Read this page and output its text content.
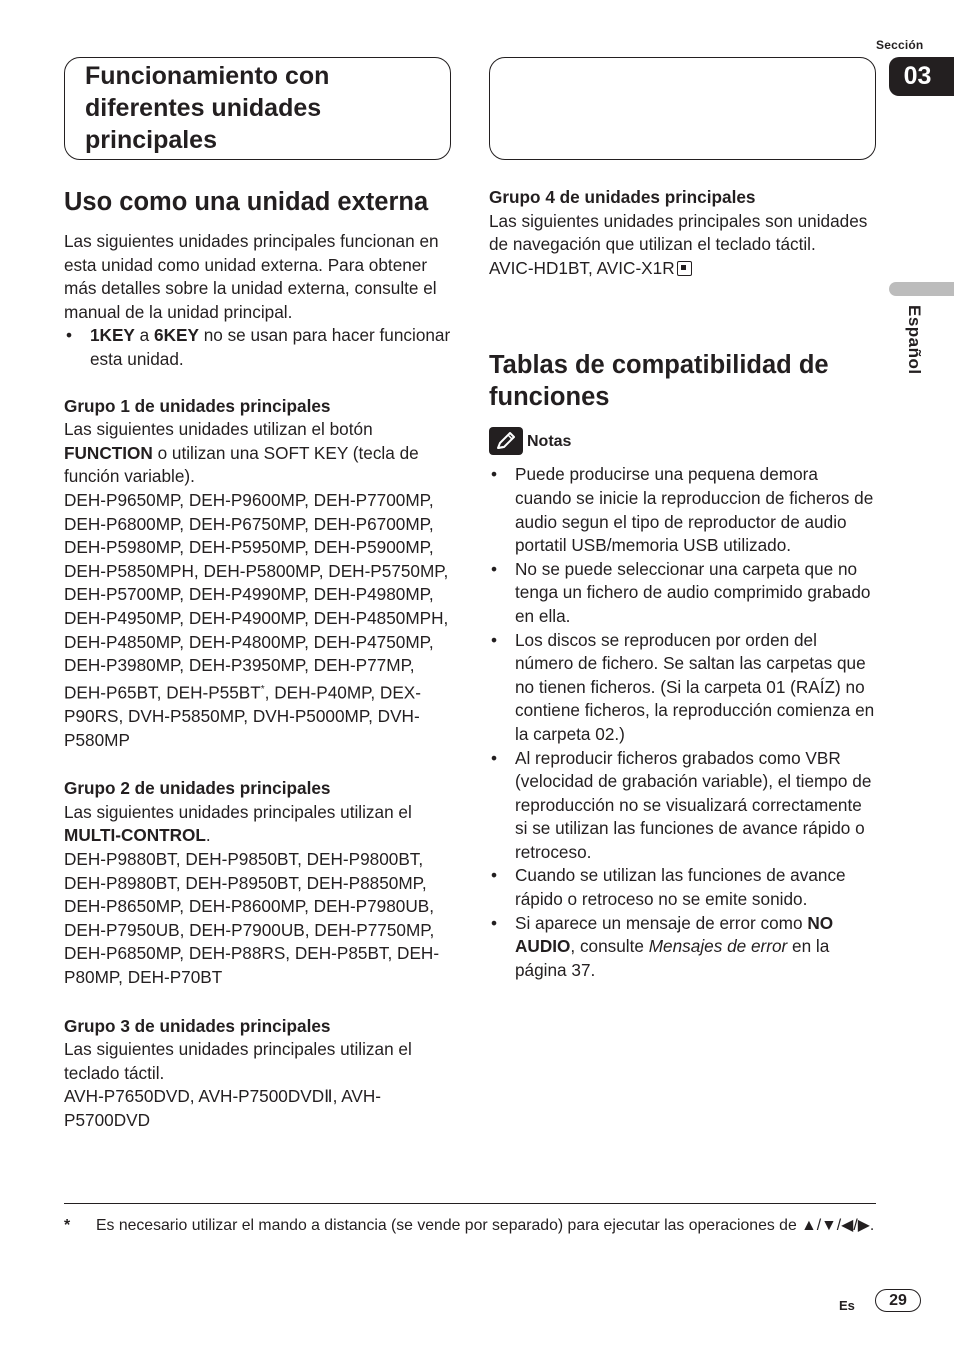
Sección
03
Español
Funcionamiento con diferentes unidades principales
Uso como una unidad externa

Las siguientes unidades principales funcionan en esta unidad como unidad externa. Para obtener más detalles sobre la unidad externa, consulte el manual de la unidad principal.

• 1KEY a 6KEY no se usan para hacer funcionar esta unidad.
Grupo 1 de unidades principales

Las siguientes unidades utilizan el botón FUNCTION o utilizan una SOFT KEY (tecla de función variable).

DEH-P9650MP, DEH-P9600MP, DEH-P7700MP, DEH-P6800MP, DEH-P6750MP, DEH-P6700MP, DEH-P5980MP, DEH-P5950MP, DEH-P5900MP, DEH-P5850MPH, DEH-P5800MP, DEH-P5750MP, DEH-P5700MP, DEH-P4990MP, DEH-P4980MP, DEH-P4950MP, DEH-P4900MP, DEH-P4850MPH, DEH-P4850MP, DEH-P4800MP, DEH-P4750MP, DEH-P3980MP, DEH-P3950MP, DEH-P77MP, DEH-P65BT, DEH-P55BT*, DEH-P40MP, DEX-P90RS, DVH-P5850MP, DVH-P5000MP, DVH-P580MP

Grupo 2 de unidades principales

Las siguientes unidades principales utilizan el MULTI-CONTROL.

DEH-P9880BT, DEH-P9850BT, DEH-P9800BT, DEH-P8980BT, DEH-P8950BT, DEH-P8850MP, DEH-P8650MP, DEH-P8600MP, DEH-P7980UB, DEH-P7950UB, DEH-P7900UB, DEH-P7750MP, DEH-P6850MP, DEH-P88RS, DEH-P85BT, DEH-P80MP, DEH-P70BT

Grupo 3 de unidades principales

Las siguientes unidades principales utilizan el teclado táctil.

AVH-P7650DVD, AVH-P7500DVDⅡ, AVH-P5700DVD

Grupo 4 de unidades principales

Las siguientes unidades principales son unidades de navegación que utilizan el teclado táctil.

AVIC-HD1BT, AVIC-X1R

Tablas de compatibilidad de funciones
Notas
• Puede producirse una pequena demora cuando se inicie la reproduccion de ficheros de audio segun el tipo de reproductor de audio portatil USB/memoria USB utilizado.
• No se puede seleccionar una carpeta que no tenga un fichero de audio comprimido grabado en ella.
• Los discos se reproducen por orden del número de fichero. Se saltan las carpetas que no tienen ficheros. (Si la carpeta 01 (RAÍZ) no contiene ficheros, la reproducción comienza en la carpeta 02.)
• Al reproducir ficheros grabados como VBR (velocidad de grabación variable), el tiempo de reproducción no se visualizará correctamente si se utilizan las funciones de avance rápido o retroceso.
• Cuando se utilizan las funciones de avance rápido o retroceso no se emite sonido.
• Si aparece un mensaje de error como NO AUDIO, consulte Mensajes de error en la página 37.
* Es necesario utilizar el mando a distancia (se vende por separado) para ejecutar las operaciones de ▲/▼/◀/▶.
Es	29
